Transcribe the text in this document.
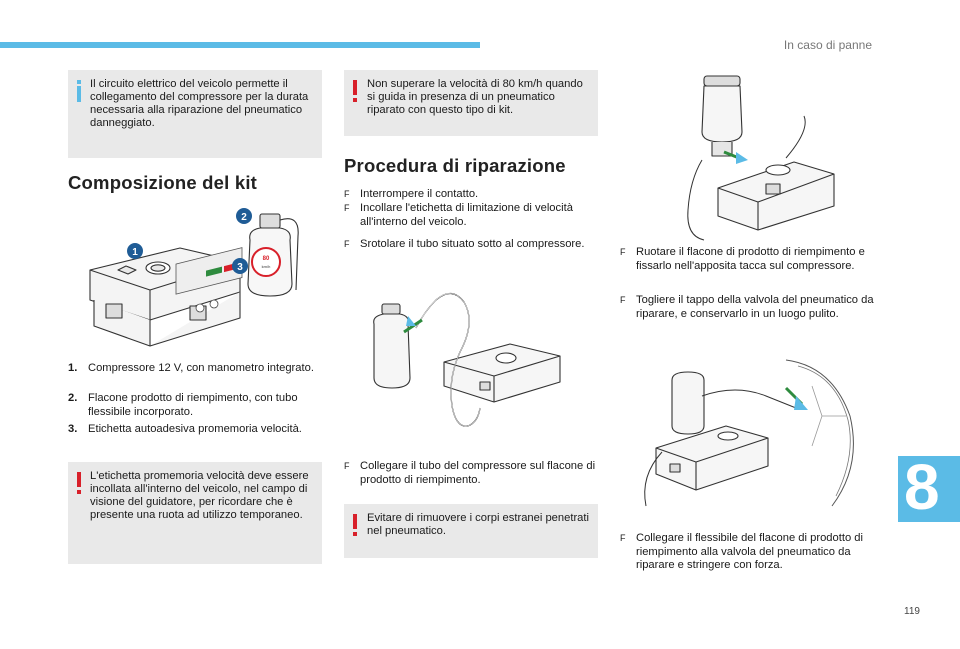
In caso di panne
119
8
Il circuito elettrico del veicolo permette il collegamento del compressore per la durata necessaria alla riparazione del pneumatico danneggiato.
Composizione del kit
80
km/h
1
2
3
1. Compressore 12 V, con manometro integrato.
2. Flacone prodotto di riempimento, con tubo flessibile incorporato.
3. Etichetta autoadesiva promemoria velocità.
L'etichetta promemoria velocità deve essere incollata all'interno del veicolo, nel campo di visione del guidatore, per ricordare che è presente una ruota ad utilizzo temporaneo.
Non superare la velocità di 80 km/h quando si guida in presenza di un pneumatico riparato con questo tipo di kit.
Procedura di riparazione
F Interrompere il contatto.
F Incollare l'etichetta di limitazione di velocità all'interno del veicolo.
F Srotolare il tubo situato sotto al compressore.
F Collegare il tubo del compressore sul flacone di prodotto di riempimento.
Evitare di rimuovere i corpi estranei penetrati nel pneumatico.
F Ruotare il flacone di prodotto di riempimento e fissarlo nell'apposita tacca sul compressore.
F Togliere il tappo della valvola del pneumatico da riparare, e conservarlo in un luogo pulito.
F Collegare il flessibile del flacone di prodotto di riempimento alla valvola del pneumatico da riparare e stringere con forza.
